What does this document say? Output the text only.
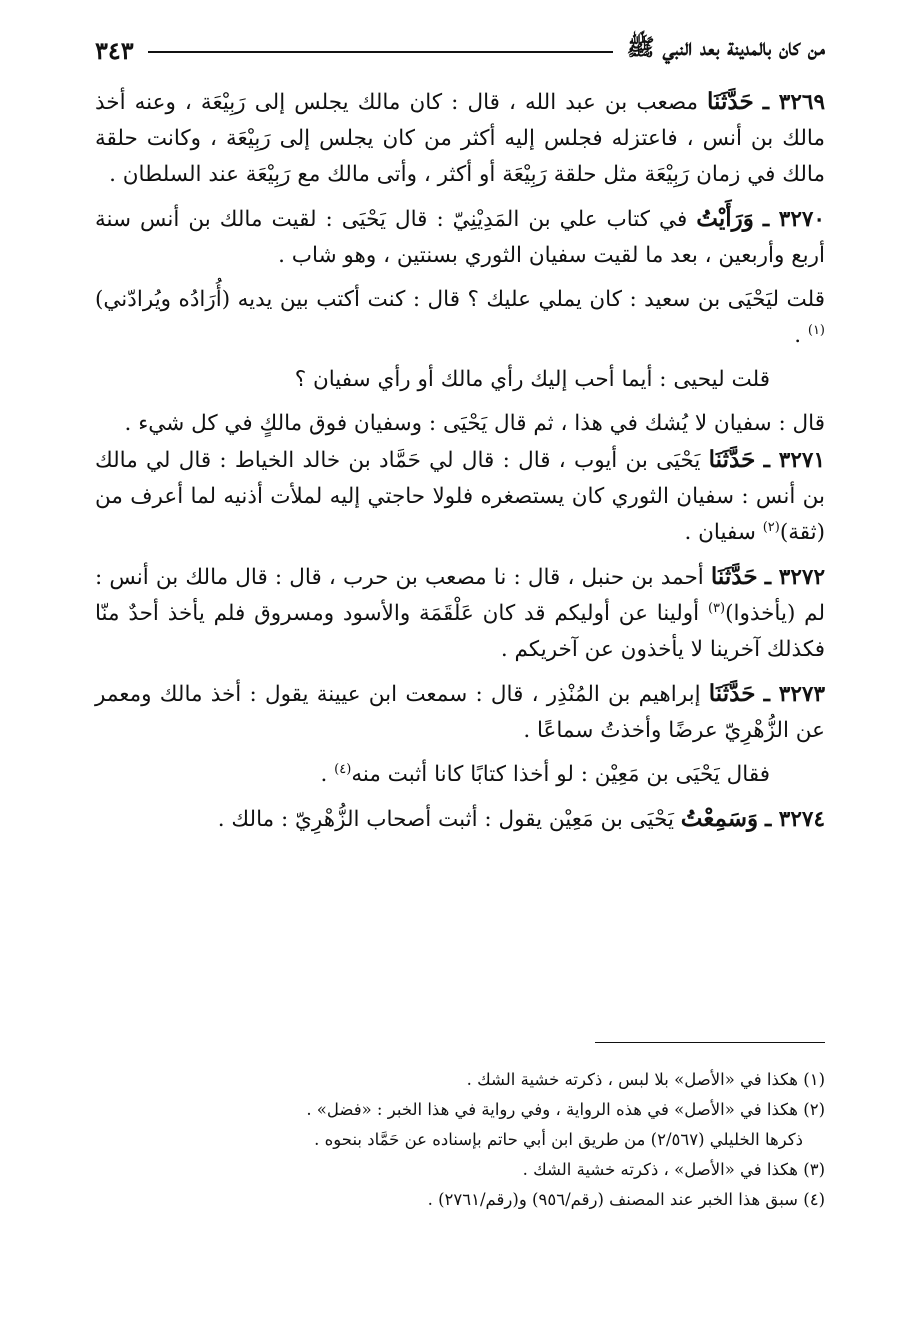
من كان بالمدينة بعد النبي ﷺ
٣٤٣

٣٢٦٩ ـ حَدَّثَنَا مصعب بن عبد الله ، قال : كان مالك يجلس إلى رَبِيْعَة ، وعنه أخذ مالك بن أنس ، فاعتزله فجلس إليه أكثر من كان يجلس إلى رَبِيْعَة ، وكانت حلقة مالك في زمان رَبِيْعَة مثل حلقة رَبِيْعَة أو أكثر ، وأتى مالك مع رَبِيْعَة عند السلطان .

٣٢٧٠ ـ وَرَأَيْتُ في كتاب علي بن المَدِيْنِيّ : قال يَحْيَى : لقيت مالك بن أنس سنة أربع وأربعين ، بعد ما لقيت سفيان الثوري بسنتين ، وهو شاب .

قلت ليَحْيَى بن سعيد : كان يملي عليك ؟ قال : كنت أكتب بين يديه (أُرَادُه ويُرادّني)$^{(١)}$ .

قلت ليحيى : أيما أحب إليك رأي مالك أو رأي سفيان ؟

قال : سفيان لا يُشك في هذا ، ثم قال يَحْيَى : وسفيان فوق مالكٍ في كل شيء .

٣٢٧١ ـ حَدَّثَنَا يَحْيَى بن أيوب ، قال : قال لي حَمَّاد بن خالد الخياط : قال لي مالك بن أنس : سفيان الثوري كان يستصغره فلولا حاجتي إليه لملأت أذنيه لما أعرف من (ثقة)$^{(٢)}$ سفيان .

٣٢٧٢ ـ حَدَّثَنَا أحمد بن حنبل ، قال : نا مصعب بن حرب ، قال : قال مالك بن أنس : لم (يأخذوا)$^{(٣)}$ أولينا عن أوليكم قد كان عَلْقَمَة والأسود ومسروق فلم يأخذ أحدٌ منّا فكذلك آخرينا لا يأخذون عن آخريكم .

٣٢٧٣ ـ حَدَّثَنَا إبراهيم بن المُنْذِر ، قال : سمعت ابن عيينة يقول : أخذ مالك ومعمر عن الزُّهْرِيّ عرضًا وأخذتُ سماعًا .

فقال يَحْيَى بن مَعِيْن : لو أخذا كتابًا كانا أثبت منه$^{(٤)}$ .

٣٢٧٤ ـ وَسَمِعْتُ يَحْيَى بن مَعِيْن يقول : أثبت أصحاب الزُّهْرِيّ : مالك .

(١) هكذا في «الأصل» بلا لبس ، ذكرته خشية الشك .

(٢) هكذا في «الأصل» في هذه الرواية ، وفي رواية في هذا الخبر : «فضل» .

ذكرها الخليلي (٢/٥٦٧) من طريق ابن أبي حاتم بإسناده عن حَمَّاد بنحوه .

(٣) هكذا في «الأصل» ، ذكرته خشية الشك .

(٤) سبق هذا الخبر عند المصنف (رقم/٩٥٦) و(رقم/٢٧٦١) .
